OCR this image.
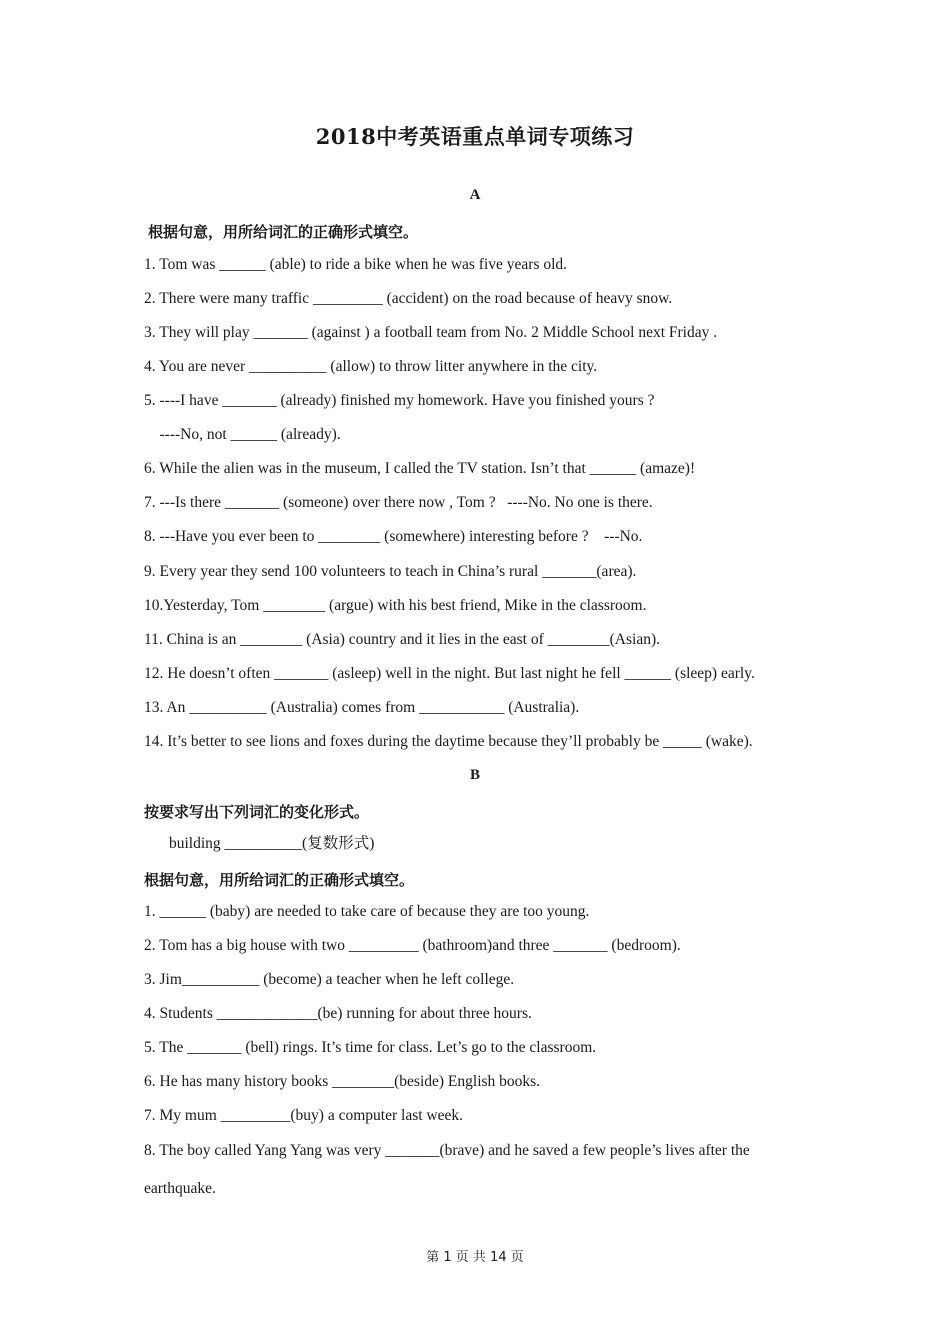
2018中考英语重点单词专项练习
A
根据句意，用所给词汇的正确形式填空。
1. Tom was ______ (able) to ride a bike when he was five years old.
2. There were many traffic _________ (accident) on the road because of heavy snow.
3. They will play _______ (against ) a football team from No. 2 Middle School next Friday .
4. You are never __________ (allow) to throw litter anywhere in the city.
5. ----I have _______ (already) finished my homework. Have you finished yours ?
----No, not ______ (already).
6. While the alien was in the museum, I called the TV station. Isn’t that ______ (amaze)!
7. ---Is there _______ (someone) over there now , Tom ?   ----No. No one is there.
8. ---Have you ever been to ________ (somewhere) interesting before ?    ---No.
9. Every year they send 100 volunteers to teach in China’s rural _______(area).
10.Yesterday, Tom ________ (argue) with his best friend, Mike in the classroom.
11. China is an ________ (Asia) country and it lies in the east of ________(Asian).
12. He doesn’t often _______ (asleep) well in the night. But last night he fell ______ (sleep) early.
13. An __________ (Australia) comes from ___________ (Australia).
14. It’s better to see lions and foxes during the daytime because they’ll probably be _____ (wake).
B
按要求写出下列词汇的变化形式。
building __________(复数形式)
根据句意，用所给词汇的正确形式填空。
1. ______ (baby) are needed to take care of because they are too young.
2. Tom has a big house with two _________ (bathroom)and three _______ (bedroom).
3. Jim__________ (become) a teacher when he left college.
4. Students _____________(be) running for about three hours.
5. The _______ (bell) rings. It’s time for class. Let’s go to the classroom.
6. He has many history books ________(beside) English books.
7. My mum _________(buy) a computer last week.
8. The boy called Yang Yang was very _______(brave) and he saved a few people’s lives after the
earthquake.
第 1 页 共 14 页
